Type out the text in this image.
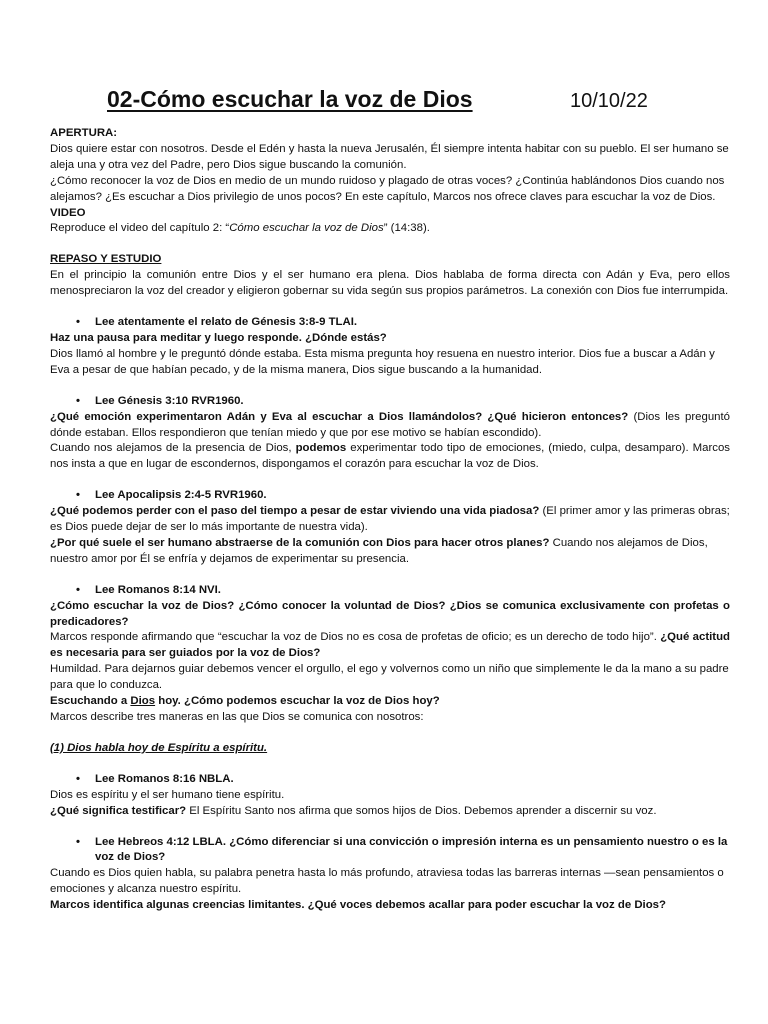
02-Cómo escuchar la voz de Dios	10/10/22

APERTURA:

Dios quiere estar con nosotros. Desde el Edén y hasta la nueva Jerusalén, Él siempre intenta habitar con su pueblo. El ser humano se aleja una y otra vez del Padre, pero Dios sigue buscando la comunión.

¿Cómo reconocer la voz de Dios en medio de un mundo ruidoso y plagado de otras voces? ¿Continúa hablándonos Dios cuando nos alejamos? ¿Es escuchar a Dios privilegio de unos pocos? En este capítulo, Marcos nos ofrece claves para escuchar la voz de Dios.

VIDEO

Reproduce el video del capítulo 2: “Cómo escuchar la voz de Dios” (14:38).

REPASO Y ESTUDIO

En el principio la comunión entre Dios y el ser humano era plena. Dios hablaba de forma directa con Adán y Eva, pero ellos menospreciaron la voz del creador y eligieron gobernar su vida según sus propios parámetros. La conexión con Dios fue interrumpida.

• Lee atentamente el relato de Génesis 3:8-9 TLAI.

Haz una pausa para meditar y luego responde. ¿Dónde estás?

Dios llamó al hombre y le preguntó dónde estaba. Esta misma pregunta hoy resuena en nuestro interior. Dios fue a buscar a Adán y Eva a pesar de que habían pecado, y de la misma manera, Dios sigue buscando a la humanidad.

• Lee Génesis 3:10 RVR1960.

¿Qué emoción experimentaron Adán y Eva al escuchar a Dios llamándolos? ¿Qué hicieron entonces? (Dios les preguntó dónde estaban. Ellos respondieron que tenían miedo y que por ese motivo se habían escondido).

Cuando nos alejamos de la presencia de Dios, podemos experimentar todo tipo de emociones, (miedo, culpa, desamparo). Marcos nos insta a que en lugar de escondernos, dispongamos el corazón para escuchar la voz de Dios.

• Lee Apocalipsis 2:4-5 RVR1960.

¿Qué podemos perder con el paso del tiempo a pesar de estar viviendo una vida piadosa? (El primer amor y las primeras obras; es Dios puede dejar de ser lo más importante de nuestra vida).

¿Por qué suele el ser humano abstraerse de la comunión con Dios para hacer otros planes? Cuando nos alejamos de Dios, nuestro amor por Él se enfría y dejamos de experimentar su presencia.

• Lee Romanos 8:14 NVI.

¿Cómo escuchar la voz de Dios? ¿Cómo conocer la voluntad de Dios? ¿Dios se comunica exclusivamente con profetas o predicadores?

Marcos responde afirmando que “escuchar la voz de Dios no es cosa de profetas de oficio; es un derecho de todo hijo”. ¿Qué actitud es necesaria para ser guiados por la voz de Dios?

Humildad. Para dejarnos guiar debemos vencer el orgullo, el ego y volvernos como un niño que simplemente le da la mano a su padre para que lo conduzca.

Escuchando a Dios hoy. ¿Cómo podemos escuchar la voz de Dios hoy?

Marcos describe tres maneras en las que Dios se comunica con nosotros:

(1) Dios habla hoy de Espíritu a espíritu.

• Lee Romanos 8:16 NBLA.

Dios es espíritu y el ser humano tiene espíritu.

¿Qué significa testificar? El Espíritu Santo nos afirma que somos hijos de Dios. Debemos aprender a discernir su voz.

• Lee Hebreos 4:12 LBLA. ¿Cómo diferenciar si una convicción o impresión interna es un pensamiento nuestro o es la voz de Dios?

Cuando es Dios quien habla, su palabra penetra hasta lo más profundo, atraviesa todas las barreras internas —sean pensamientos o emociones y alcanza nuestro espíritu.

Marcos identifica algunas creencias limitantes. ¿Qué voces debemos acallar para poder escuchar la voz de Dios?
